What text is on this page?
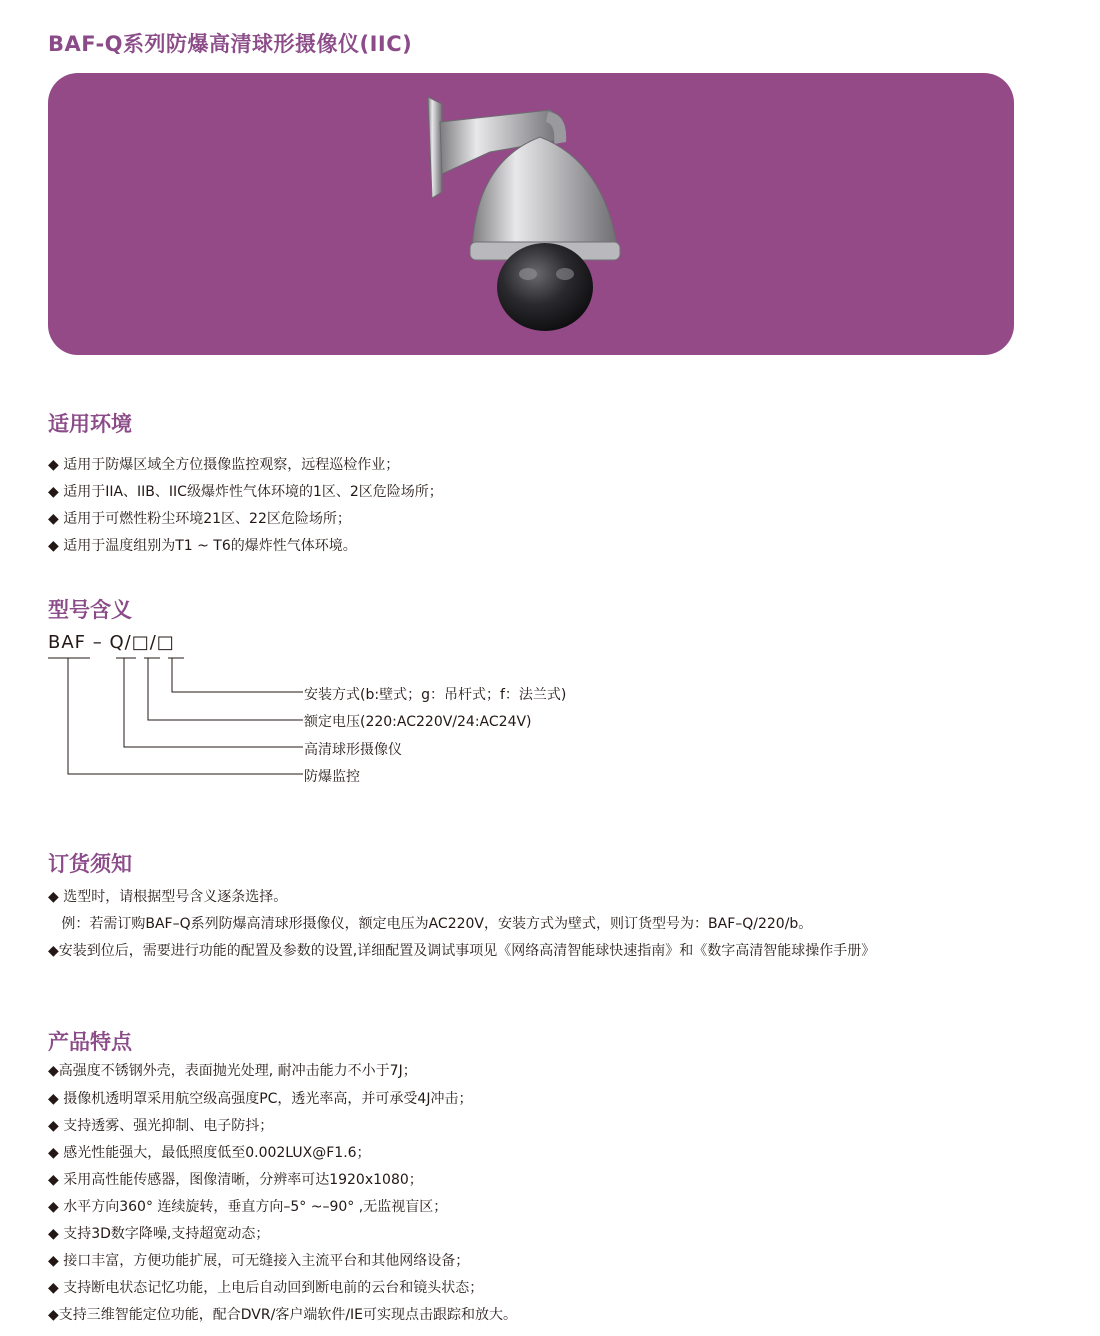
BAF-Q系列防爆高清球形摄像仪(IIC)
适用环境
◆ 适用于防爆区域全方位摄像监控观察，远程巡检作业；
◆ 适用于IIA、IIB、IIC级爆炸性气体环境的1区、2区危险场所；
◆ 适用于可燃性粉尘环境21区、22区危险场所；
◆ 适用于温度组别为T1 ~ T6的爆炸性气体环境。
型号含义
BAF – Q/□/□
安装方式(b:壁式；g：吊杆式；f：法兰式)
额定电压(220:AC220V/24:AC24V)
高清球形摄像仪
防爆监控
订货须知
◆ 选型时，请根据型号含义逐条选择。
例：若需订购BAF–Q系列防爆高清球形摄像仪，额定电压为AC220V，安装方式为壁式，则订货型号为：BAF–Q/220/b。
◆安装到位后，需要进行功能的配置及参数的设置,详细配置及调试事项见《网络高清智能球快速指南》和《数字高清智能球操作手册》
产品特点
◆高强度不锈钢外壳，表面抛光处理, 耐冲击能力不小于7J；
◆ 摄像机透明罩采用航空级高强度PC，透光率高，并可承受4J冲击；
◆ 支持透雾、强光抑制、电子防抖；
◆ 感光性能强大，最低照度低至0.002LUX@F1.6；
◆ 采用高性能传感器，图像清晰，分辨率可达1920x1080；
◆ 水平方向360° 连续旋转，垂直方向–5° ~–90° ,无监视盲区；
◆ 支持3D数字降噪,支持超宽动态；
◆ 接口丰富，方便功能扩展，可无缝接入主流平台和其他网络设备；
◆ 支持断电状态记忆功能，上电后自动回到断电前的云台和镜头状态；
◆支持三维智能定位功能，配合DVR/客户端软件/IE可实现点击跟踪和放大。
